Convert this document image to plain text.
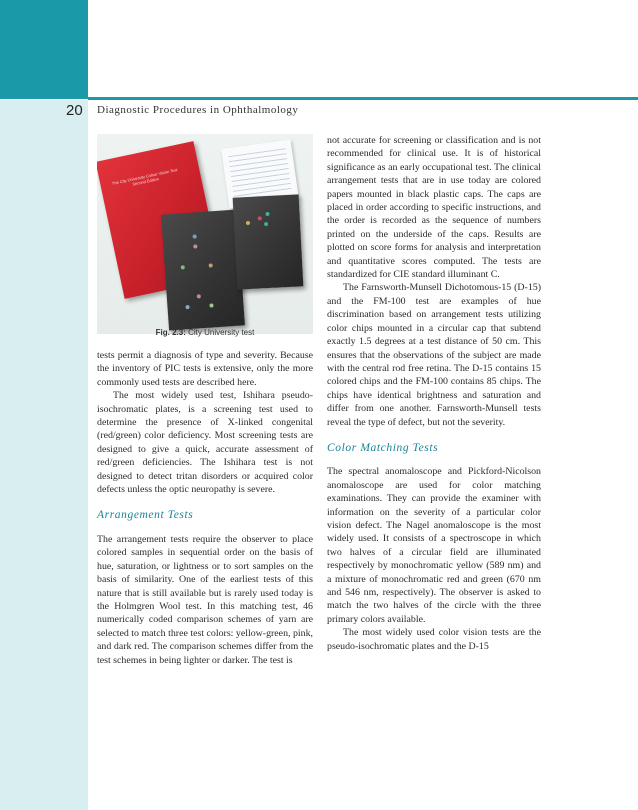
20 Diagnostic Procedures in Ophthalmology
The City University Colour Vision Test Second Edition
Fig. 2.3: City University test

tests permit a diagnosis of type and severity. Because the inventory of PIC tests is extensive, only the more commonly used tests are described here.

The most widely used test, Ishihara pseudo-isochromatic plates, is a screening test used to determine the presence of X-linked congenital (red/green) color deficiency. Most screening tests are designed to give a quick, accurate assessment of red/green deficiencies. The Ishihara test is not designed to detect tritan disorders or acquired color defects unless the optic neuropathy is severe.

Arrangement Tests

The arrangement tests require the observer to place colored samples in sequential order on the basis of hue, saturation, or lightness or to sort samples on the basis of similarity. One of the earliest tests of this nature that is still available but is rarely used today is the Holmgren Wool test. In this matching test, 46 numerically coded comparison schemes of yarn are selected to match three test colors: yellow-green, pink, and dark red. The comparison schemes differ from the test schemes in being lighter or darker. The test is

not accurate for screening or classification and is not recommended for clinical use. It is of historical significance as an early occupational test. The clinical arrangement tests that are in use today are colored papers mounted in black plastic caps. The caps are placed in order according to specific instructions, and the order is recorded as the sequence of numbers printed on the underside of the caps. Results are plotted on score forms for analysis and interpretation and quantitative scores computed. The tests are standardized for CIE standard illuminant C.

The Farnsworth-Munsell Dichotomous-15 (D-15) and the FM-100 test are examples of hue discrimination based on arrangement tests utilizing color chips mounted in a circular cap that subtend exactly 1.5 degrees at a test distance of 50 cm. This ensures that the observations of the subject are made with the central rod free retina. The D-15 contains 15 colored chips and the FM-100 contains 85 chips. The chips have identical brightness and saturation and differ from one another. Farnsworth-Munsell tests reveal the type of defect, but not the severity.

Color Matching Tests

The spectral anomaloscope and Pickford-Nicolson anomaloscope are used for color matching examinations. They can provide the examiner with information on the severity of a particular color vision defect. The Nagel anomaloscope is the most widely used. It consists of a spectroscope in which two halves of a circular field are illuminated respectively by monochromatic yellow (589 nm) and a mixture of monochromatic red and green (670 nm and 546 nm, respectively). The observer is asked to match the two halves of the circle with the three primary colors available.

The most widely used color vision tests are the pseudo-isochromatic plates and the D-15
